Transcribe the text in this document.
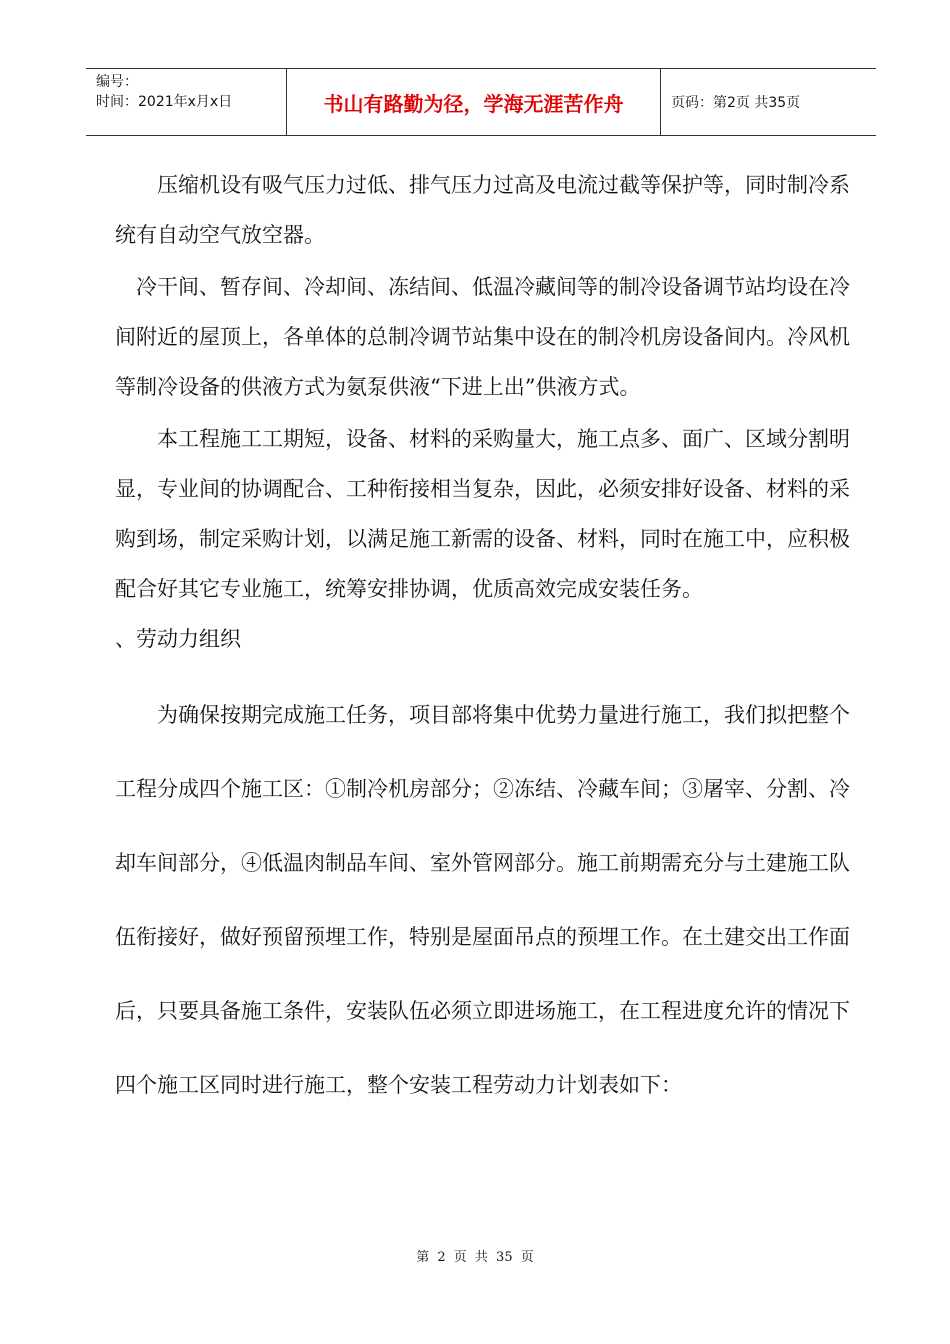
编号：
时间：2021年x月x日	书山有路勤为径，学海无涯苦作舟	页码：第2页 共35页

压缩机设有吸气压力过低、排气压力过高及电流过截等保护等，同时制冷系统有自动空气放空器。

冷干间、暂存间、冷却间、冻结间、低温冷藏间等的制冷设备调节站均设在冷间附近的屋顶上，各单体的总制冷调节站集中设在的制冷机房设备间内。冷风机等制冷设备的供液方式为氨泵供液“下进上出”供液方式。

本工程施工工期短，设备、材料的采购量大，施工点多、面广、区域分割明显，专业间的协调配合、工种衔接相当复杂，因此，必须安排好设备、材料的采购到场，制定采购计划，以满足施工新需的设备、材料，同时在施工中，应积极配合好其它专业施工，统筹安排协调，优质高效完成安装任务。

、劳动力组织

为确保按期完成施工任务，项目部将集中优势力量进行施工，我们拟把整个工程分成四个施工区：①制冷机房部分；②冻结、冷藏车间；③屠宰、分割、冷却车间部分，④低温肉制品车间、室外管网部分。施工前期需充分与土建施工队伍衔接好，做好预留预埋工作，特别是屋面吊点的预埋工作。在土建交出工作面后，只要具备施工条件，安装队伍必须立即进场施工，在工程进度允许的情况下四个施工区同时进行施工，整个安装工程劳动力计划表如下：

第 2 页 共 35 页
